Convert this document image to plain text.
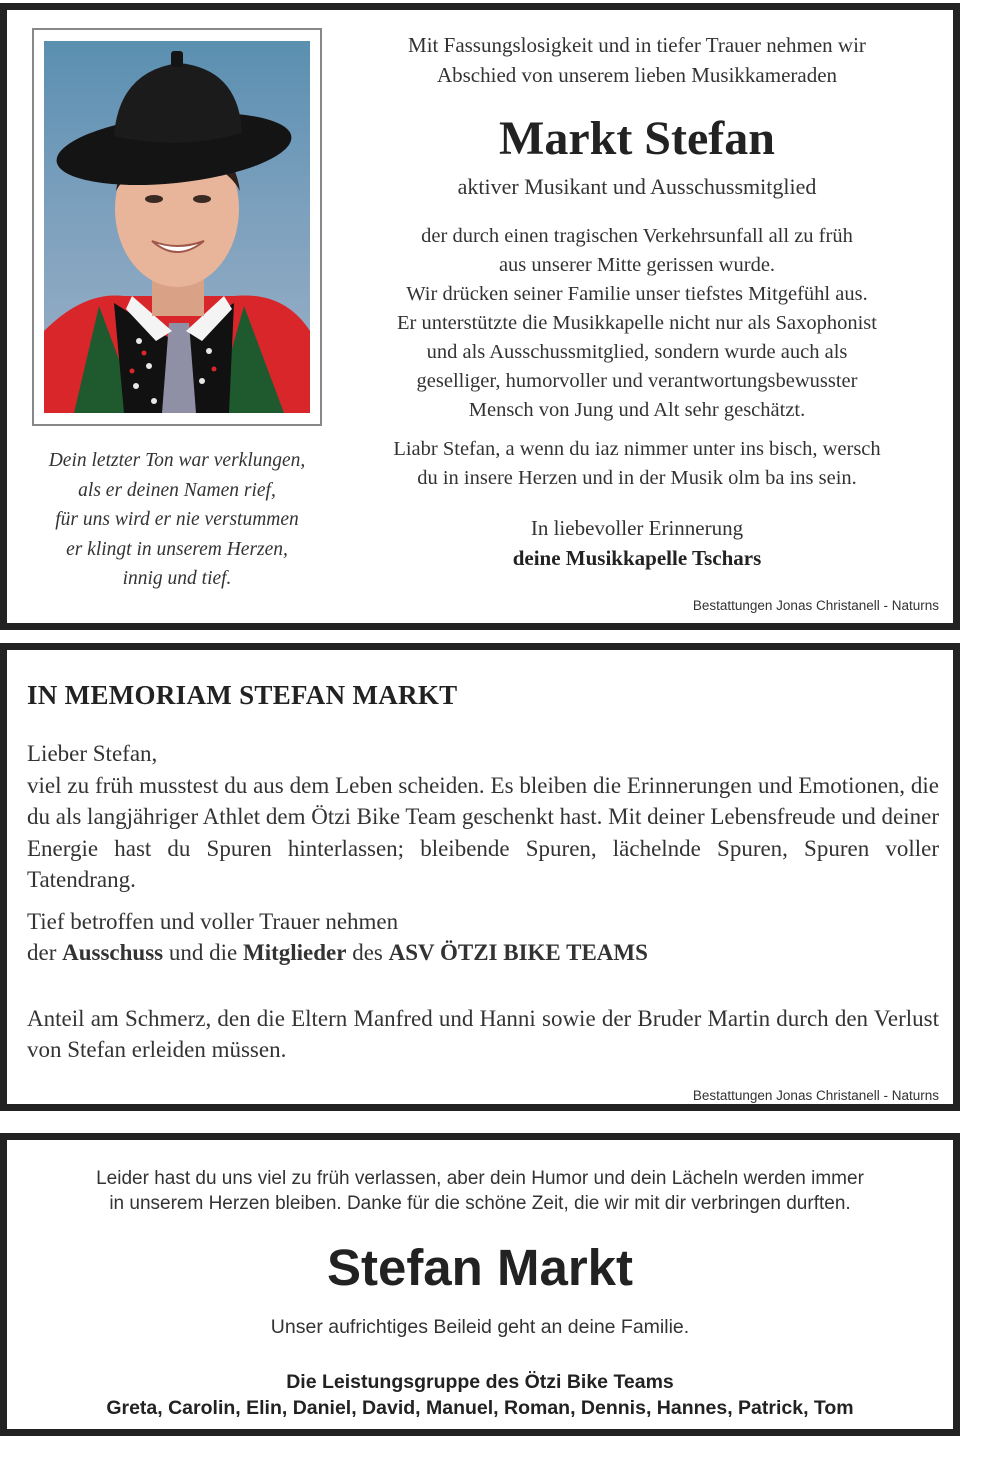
Mit Fassungslosigkeit und in tiefer Trauer nehmen wir
Abschied von unserem lieben Musikkameraden

Markt Stefan

aktiver Musikant und Ausschussmitglied

der durch einen tragischen Verkehrsunfall all zu früh
aus unserer Mitte gerissen wurde.
Wir drücken seiner Familie unser tiefstes Mitgefühl aus.
Er unterstützte die Musikkapelle nicht nur als Saxophonist
und als Ausschussmitglied, sondern wurde auch als
geselliger, humorvoller und verantwortungsbewusster
Mensch von Jung und Alt sehr geschätzt.

Liabr Stefan, a wenn du iaz nimmer unter ins bisch, wersch
du in insere Herzen und in der Musik olm ba ins sein.

In liebevoller Erinnerung

deine Musikkapelle Tschars

Dein letzter Ton war verklungen,
als er deinen Namen rief,
für uns wird er nie verstummen
er klingt in unserem Herzen,
innig und tief.
Bestattungen Jonas Christanell - Naturns
IN MEMORIAM STEFAN MARKT

Lieber Stefan,

viel zu früh musstest du aus dem Leben scheiden. Es bleiben die Erinnerungen und Emotionen, die du als langjähriger Athlet dem Ötzi Bike Team geschenkt hast. Mit deiner Lebensfreude und deiner Energie hast du Spuren hinterlassen; bleibende Spuren, lächelnde Spuren, Spuren voller Tatendrang.

Tief betroffen und voller Trauer nehmen
der Ausschuss und die Mitglieder des ASV ÖTZI BIKE TEAMS

Anteil am Schmerz, den die Eltern Manfred und Hanni sowie der Bruder Martin durch den Verlust von Stefan erleiden müssen.

Bestattungen Jonas Christanell - Naturns
Leider hast du uns viel zu früh verlassen, aber dein Humor und dein Lächeln werden immer
in unserem Herzen bleiben. Danke für die schöne Zeit, die wir mit dir verbringen durften.
Stefan Markt
Unser aufrichtiges Beileid geht an deine Familie.
Die Leistungsgruppe des Ötzi Bike Teams
Greta, Carolin, Elin, Daniel, David, Manuel, Roman, Dennis, Hannes, Patrick, Tom
